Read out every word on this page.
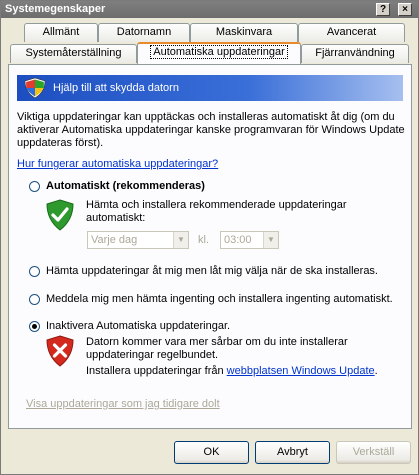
Systemegenskaper	?	×
Allmänt	Datornamn	Maskinvara	Avancerat
Systemåterställning	Automatiska uppdateringar	Fjärranvändning
Hjälp till att skydda datorn
Viktiga uppdateringar kan upptäckas och installeras automatiskt åt dig (om du aktiverar Automatiska uppdateringar kanske programvaran för Windows Update uppdateras först).
Hur fungerar automatiska uppdateringar?
Automatiskt (rekommenderas)
Hämta och installera rekommenderade uppdateringar automatiskt:
Varje dag	▼ kl.	03:00	▼
Hämta uppdateringar åt mig men låt mig välja när de ska installeras.
Meddela mig men hämta ingenting och installera ingenting automatiskt.
Inaktivera Automatiska uppdateringar.
Datorn kommer vara mer sårbar om du inte installerar uppdateringar regelbundet.
Installera uppdateringar från webbplatsen Windows Update.
Visa uppdateringar som jag tidigare dolt
OK	Avbryt	Verkställ
